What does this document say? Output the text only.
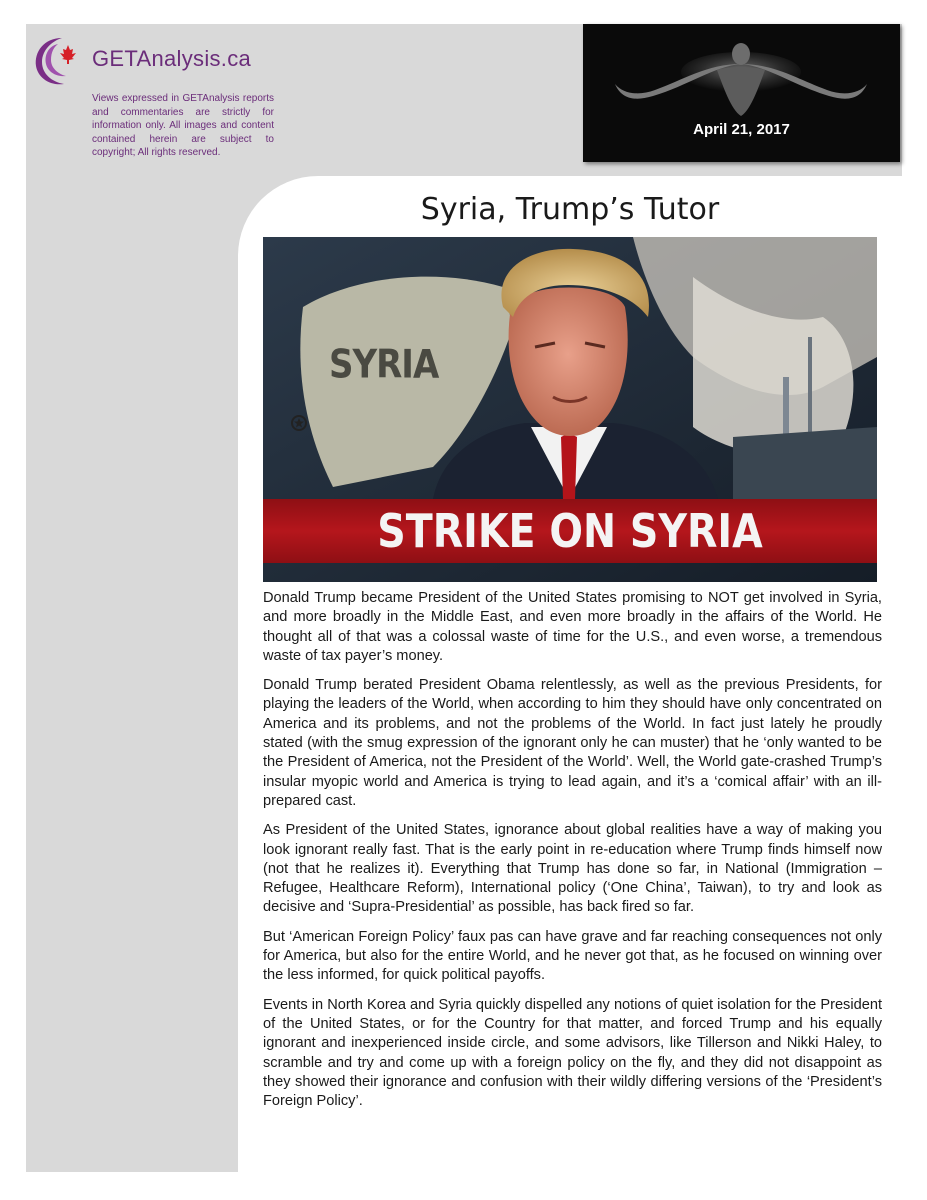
GETAnalysis.ca
Views expressed in GETAnalysis reports and commentaries are strictly for information only. All images and content contained herein are subject to copyright; All rights reserved.
April 21, 2017
Syria, Trump’s Tutor
SYRIA
STRIKE ON SYRIA

Donald Trump became President of the United States promising to NOT get involved in Syria, and more broadly in the Middle East, and even more broadly in the affairs of the World. He thought all of that was a colossal waste of time for the U.S., and even worse, a tremendous waste of tax payer’s money.

Donald Trump berated President Obama relentlessly, as well as the previous Presidents, for playing the leaders of the World, when according to him they should have only concentrated on America and its problems, and not the problems of the World. In fact just lately he proudly stated (with the smug expression of the ignorant only he can muster) that he ‘only wanted to be the President of America, not the President of the World’. Well, the World gate-crashed Trump’s insular myopic world and America is trying to lead again, and it’s a ‘comical affair’ with an ill-prepared cast.

As President of the United States, ignorance about global realities have a way of making you look ignorant really fast. That is the early point in re-education where Trump finds himself now (not that he realizes it). Everything that Trump has done so far, in National (Immigration – Refugee, Healthcare Reform), International policy (‘One China’, Taiwan), to try and look as decisive and ‘Supra-Presidential’ as possible, has back fired so far.

But ‘American Foreign Policy’ faux pas can have grave and far reaching consequences not only for America, but also for the entire World, and he never got that, as he focused on winning over the less informed, for quick political payoffs.

Events in North Korea and Syria quickly dispelled any notions of quiet isolation for the President of the United States, or for the Country for that matter, and forced Trump and his equally ignorant and inexperienced inside circle, and some advisors, like Tillerson and Nikki Haley, to scramble and try and come up with a foreign policy on the fly, and they did not disappoint as they showed their ignorance and confusion with their wildly differing versions of the ‘President’s Foreign Policy’.
